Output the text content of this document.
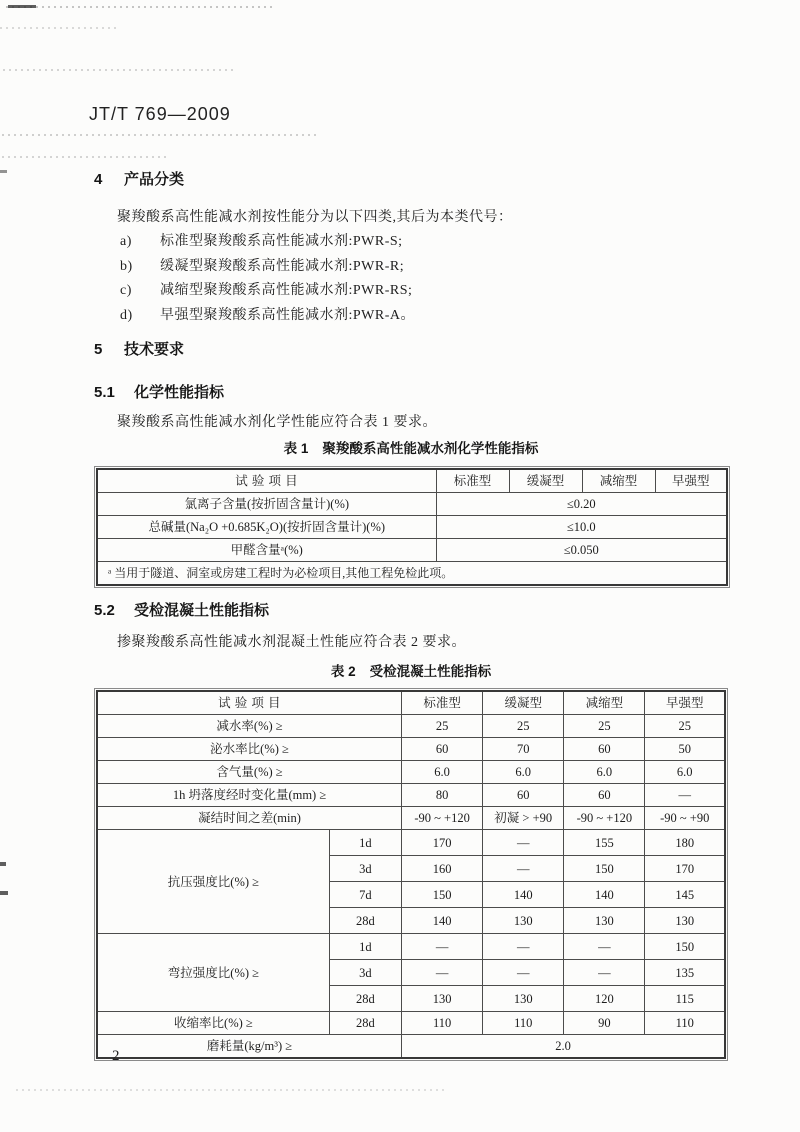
JT/T 769—2009
4 产品分类
聚羧酸系高性能减水剂按性能分为以下四类,其后为本类代号：
a) 标准型聚羧酸系高性能减水剂:PWR-S;
b) 缓凝型聚羧酸系高性能减水剂:PWR-R;
c) 减缩型聚羧酸系高性能减水剂:PWR-RS;
d) 早强型聚羧酸系高性能减水剂:PWR-A。
5 技术要求
5.1 化学性能指标
聚羧酸系高性能减水剂化学性能应符合表 1 要求。
表 1 聚羧酸系高性能减水剂化学性能指标
试 验 项 目	标准型	缓凝型	减缩型	早强型
氯离子含量(按折固含量计)(%)	≤0.20			
总碱量(Na₂O +0.685K₂O)(按折固含量计)(%)	≤10.0			
甲醛含量ᵃ(%)	≤0.050			
ᵃ 当用于隧道、洞室或房建工程时为必检项目,其他工程免检此项。				
5.2 受检混凝土性能指标
掺聚羧酸系高性能减水剂混凝土性能应符合表 2 要求。
表 2 受检混凝土性能指标
试 验 项 目		标准型	缓凝型	减缩型	早强型
减水率(%) ≥		25	25	25	25
泌水率比(%) ≥		60	70	60	50
含气量(%) ≥		6.0	6.0	6.0	6.0
1h 坍落度经时变化量(mm) ≥		80	60	60	—
凝结时间之差(min)		-90 ~ +120	初凝 > +90	-90 ~ +120	-90 ~ +90
抗压强度比(%) ≥	1d	170	—	155	180
	3d	160	—	150	170
	7d	150	140	140	145
	28d	140	130	130	130
弯拉强度比(%) ≥	1d	—	—	—	150
	3d	—	—	—	135
	28d	130	130	120	115
收缩率比(%) ≥	28d	110	110	90	110
磨耗量(kg/m³) ≥		2.0			
2
